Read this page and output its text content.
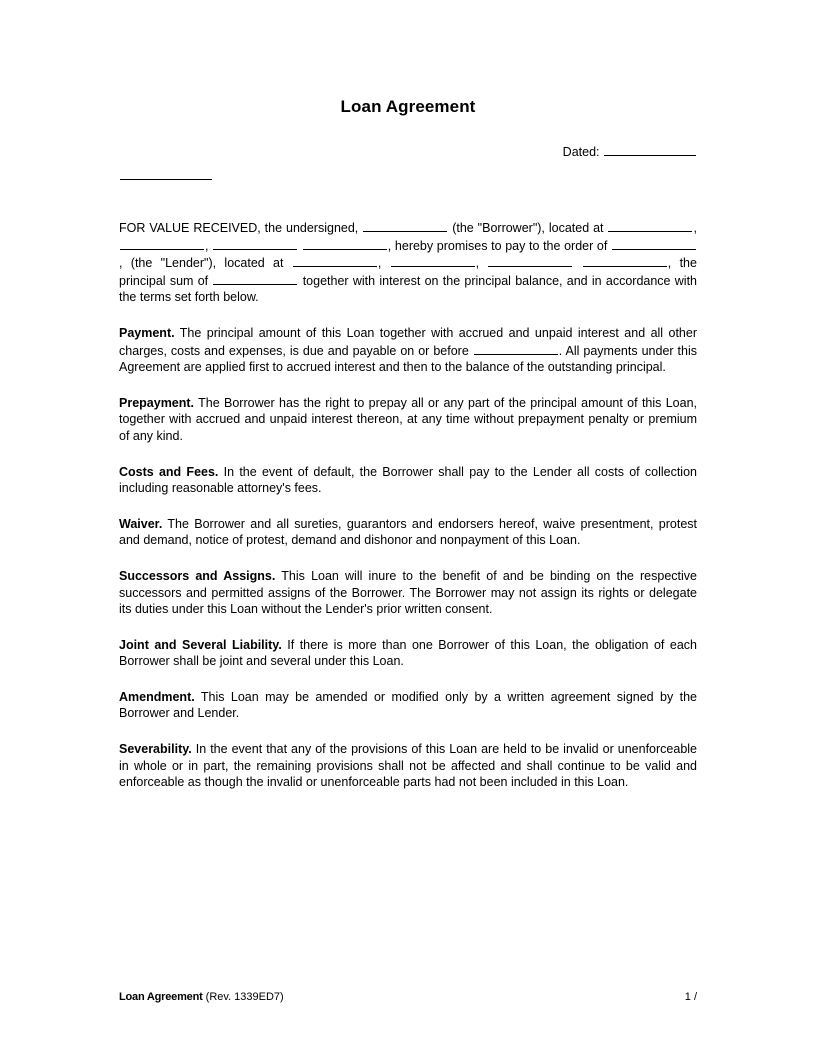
Loan Agreement
Dated:

FOR VALUE RECEIVED, the undersigned,	(the "Borrower"), located at	, ,	, hereby promises to pay to the order of , (the "Lender"), located at	,	,	, the principal sum of	together with interest on the principal balance, and in accordance with the terms set forth below.

Payment. The principal amount of this Loan together with accrued and unpaid interest and all other charges, costs and expenses, is due and payable on or before	. All payments under this Agreement are applied first to accrued interest and then to the balance of the outstanding principal.

Prepayment. The Borrower has the right to prepay all or any part of the principal amount of this Loan, together with accrued and unpaid interest thereon, at any time without prepayment penalty or premium of any kind.

Costs and Fees. In the event of default, the Borrower shall pay to the Lender all costs of collection including reasonable attorney's fees.

Waiver. The Borrower and all sureties, guarantors and endorsers hereof, waive presentment, protest and demand, notice of protest, demand and dishonor and nonpayment of this Loan.

Successors and Assigns. This Loan will inure to the benefit of and be binding on the respective successors and permitted assigns of the Borrower. The Borrower may not assign its rights or delegate its duties under this Loan without the Lender's prior written consent.

Joint and Several Liability. If there is more than one Borrower of this Loan, the obligation of each Borrower shall be joint and several under this Loan.

Amendment. This Loan may be amended or modified only by a written agreement signed by the Borrower and Lender.

Severability. In the event that any of the provisions of this Loan are held to be invalid or unenforceable in whole or in part, the remaining provisions shall not be affected and shall continue to be valid and enforceable as though the invalid or unenforceable parts had not been included in this Loan.

Loan Agreement (Rev. 1339ED7)	1 /
